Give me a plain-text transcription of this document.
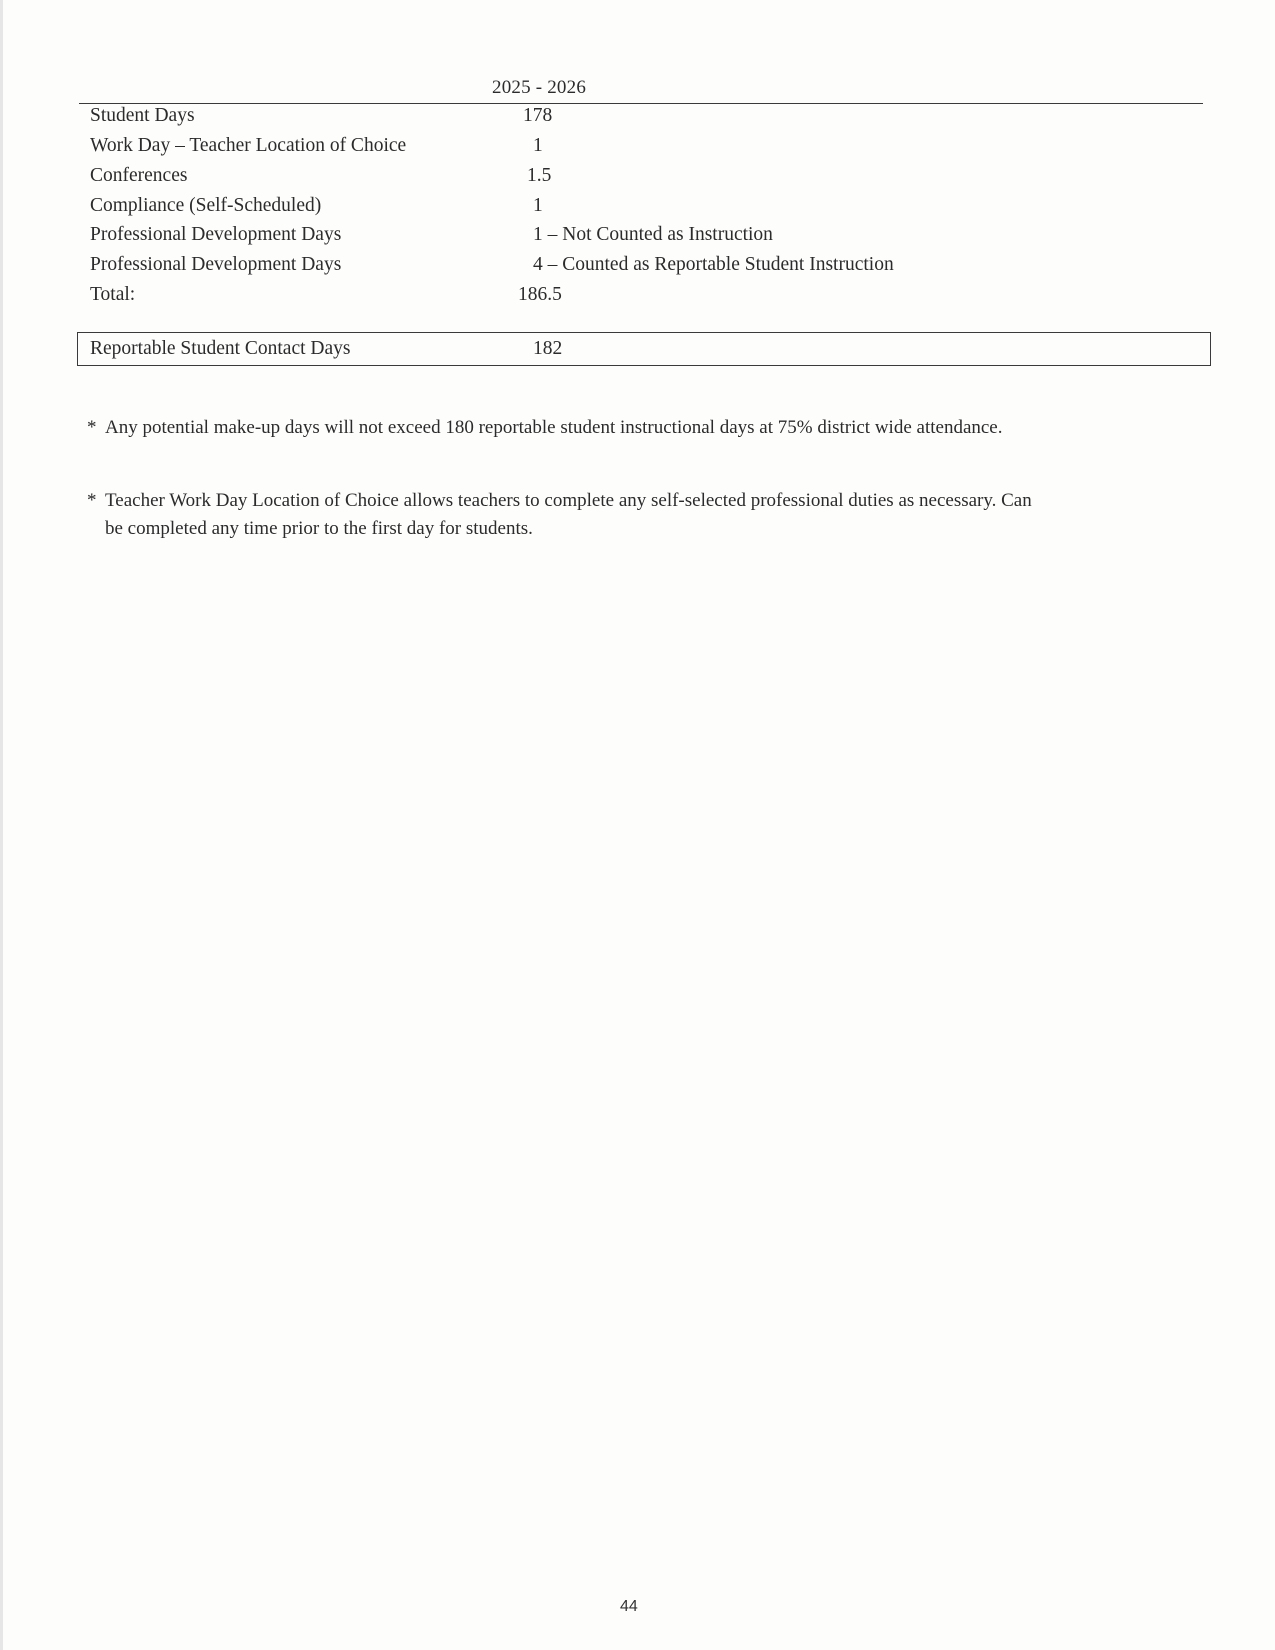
2025 - 2026
Student Days	178
Work Day – Teacher Location of Choice	1
Conferences	1.5
Compliance (Self-Scheduled)	1
Professional Development Days	1 – Not Counted as Instruction
Professional Development Days	4 – Counted as Reportable Student Instruction
Total:	186.5
Reportable Student Contact Days	182
* Any potential make-up days will not exceed 180 reportable student instructional days at 75% district wide attendance.
* Teacher Work Day Location of Choice allows teachers to complete any self-selected professional duties as necessary. Can be completed any time prior to the first day for students.
44
